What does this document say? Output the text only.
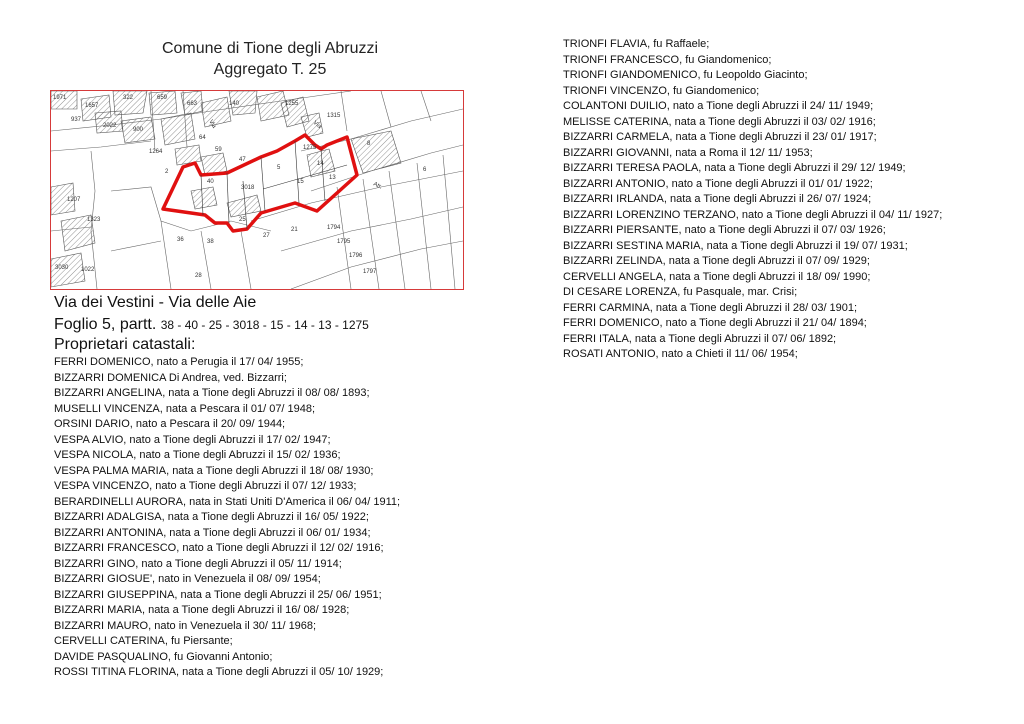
Comune di Tione degli Abruzzi
Aggregato T. 25
1971
1657
322
937
2022
900
663
659
140	1255
1264
64
59
47
40
3018
15
14
13
1275
25
38
36
27
21	1794
1795
1796
1797
1323
1022
1207
3030
1315
8
6
5
2
28
Via	Via
Atr.
Via dei Vestini - Via delle Aie
Foglio 5, partt. 38 - 40 - 25 - 3018 - 15 - 14 - 13 - 1275
Proprietari catastali:
FERRI DOMENICO, nato a Perugia il 17/ 04/ 1955;
BIZZARRI DOMENICA Di Andrea, ved. Bizzarri;
BIZZARRI ANGELINA, nata a Tione degli Abruzzi il 08/ 08/ 1893;
MUSELLI VINCENZA, nata a Pescara il 01/ 07/ 1948;
ORSINI DARIO, nato a Pescara il 20/ 09/ 1944;
VESPA ALVIO, nato a Tione degli Abruzzi il 17/ 02/ 1947;
VESPA NICOLA, nato a Tione degli Abruzzi il 15/ 02/ 1936;
VESPA PALMA MARIA, nata a Tione degli Abruzzi il 18/ 08/ 1930;
VESPA VINCENZO, nato a Tione degli Abruzzi il 07/ 12/ 1933;
BERARDINELLI AURORA, nata in Stati Uniti D'America il 06/ 04/ 1911;
BIZZARRI ADALGISA, nata a Tione degli Abruzzi il 16/ 05/ 1922;
BIZZARRI ANTONINA, nata a Tione degli Abruzzi il 06/ 01/ 1934;
BIZZARRI FRANCESCO, nato a Tione degli Abruzzi il 12/ 02/ 1916;
BIZZARRI GINO, nato a Tione degli Abruzzi il 05/ 11/ 1914;
BIZZARRI GIOSUE', nato in Venezuela il 08/ 09/ 1954;
BIZZARRI GIUSEPPINA, nata a Tione degli Abruzzi il 25/ 06/ 1951;
BIZZARRI MARIA, nata a Tione degli Abruzzi il 16/ 08/ 1928;
BIZZARRI MAURO, nato in Venezuela il 30/ 11/ 1968;
CERVELLI CATERINA, fu Piersante;
DAVIDE PASQUALINO, fu Giovanni Antonio;
ROSSI TITINA FLORINA, nata a Tione degli Abruzzi il 05/ 10/ 1929;
TRIONFI FLAVIA, fu Raffaele;
TRIONFI FRANCESCO, fu Giandomenico;
TRIONFI GIANDOMENICO, fu Leopoldo Giacinto;
TRIONFI VINCENZO, fu Giandomenico;
COLANTONI DUILIO, nato a Tione degli Abruzzi il 24/ 11/ 1949;
MELISSE CATERINA, nata a Tione degli Abruzzi il 03/ 02/ 1916;
BIZZARRI CARMELA, nata a Tione degli Abruzzi il 23/ 01/ 1917;
BIZZARRI GIOVANNI, nata a Roma il 12/ 11/ 1953;
BIZZARRI TERESA PAOLA, nata a Tione degli Abruzzi il 29/ 12/ 1949;
BIZZARRI ANTONIO, nato a Tione degli Abruzzi il 01/ 01/ 1922;
BIZZARRI IRLANDA, nata a Tione degli Abruzzi il 26/ 07/ 1924;
BIZZARRI LORENZINO TERZANO, nato a Tione degli Abruzzi il 04/ 11/ 1927;
BIZZARRI PIERSANTE, nato a Tione degli Abruzzi il 07/ 03/ 1926;
BIZZARRI SESTINA MARIA, nata a Tione degli Abruzzi il 19/ 07/ 1931;
BIZZARRI ZELINDA, nata a Tione degli Abruzzi il 07/ 09/ 1929;
CERVELLI ANGELA, nata a Tione degli Abruzzi il 18/ 09/ 1990;
DI CESARE LORENZA, fu Pasquale, mar. Crisi;
FERRI CARMINA, nata a Tione degli Abruzzi il 28/ 03/ 1901;
FERRI DOMENICO, nato a Tione degli Abruzzi il 21/ 04/ 1894;
FERRI ITALA, nata a Tione degli Abruzzi il 07/ 06/ 1892;
ROSATI ANTONIO, nato a Chieti il 11/ 06/ 1954;
